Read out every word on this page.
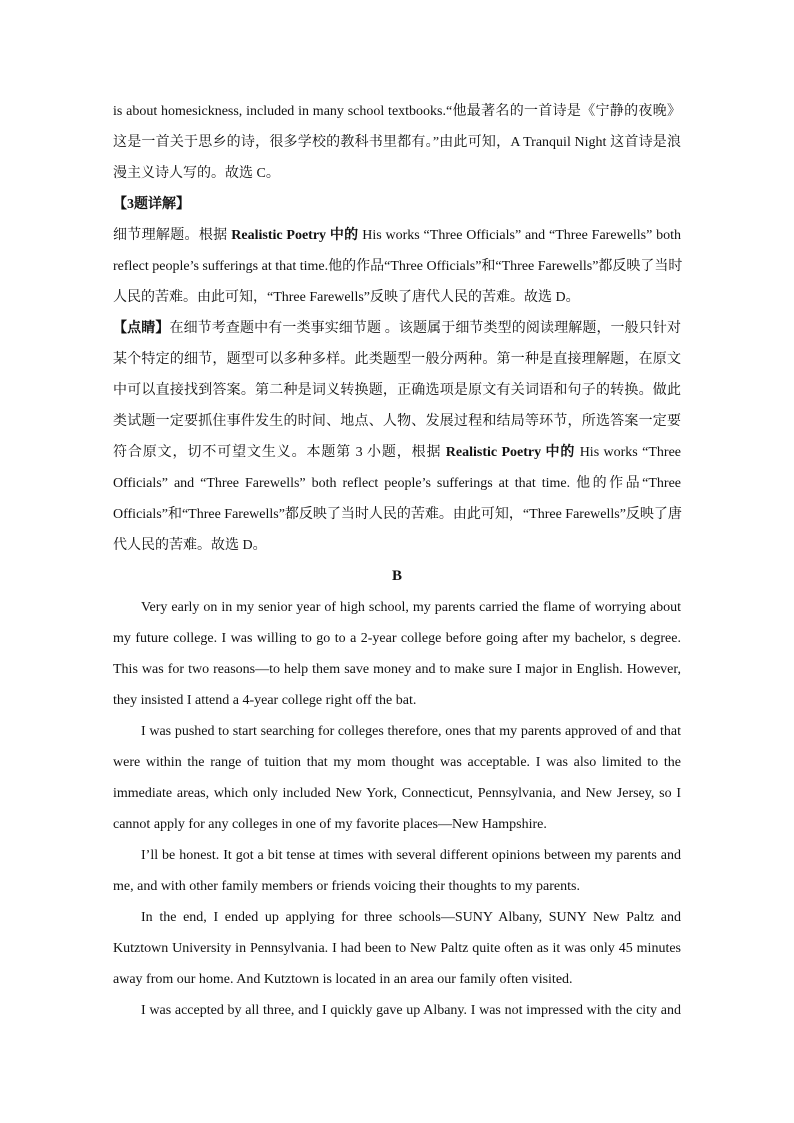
is about homesickness, included in many school textbooks.“他最著名的一首诗是《宁静的夜晚》
这是一首关于思乡的诗，很多学校的教科书里都有。”由此可知，A Tranquil Night 这首诗是浪
漫主义诗人写的。故选 C。
【3题详解】
细节理解题。根据 Realistic Poetry 中的 His works “Three Officials” and “Three Farewells” both
reflect people’s sufferings at that time.他的作品“Three Officials”和“Three Farewells”都反映了当时
人民的苦难。由此可知，“Three Farewells”反映了唐代人民的苦难。故选 D。
【点睛】在细节考查题中有一类事实细节题 。该题属于细节类型的阅读理解题，一般只针对
某个特定的细节，题型可以多种多样。此类题型一般分两种。第一种是直接理解题，在原文
中可以直接找到答案。第二种是词义转换题，正确选项是原文有关词语和句子的转换。做此
类试题一定要抓住事件发生的时间、地点、人物、发展过程和结局等环节，所选答案一定要
符合原文，切不可望文生义。本题第 3 小题，根据 Realistic Poetry 中的 His works “Three
Officials” and “Three Farewells” both reflect people’s sufferings at that time. 他的作品“Three
Officials”和“Three Farewells”都反映了当时人民的苦难。由此可知，“Three Farewells”反映了唐
代人民的苦难。故选 D。
B
Very early on in my senior year of high school, my parents carried the flame of worrying about
my future college. I was willing to go to a 2-year college before going after my bachelor, s degree.
This was for two reasons—to help them save money and to make sure I major in English. However,
they insisted I attend a 4-year college right off the bat.
I was pushed to start searching for colleges therefore, ones that my parents approved of and that
were within the range of tuition that my mom thought was acceptable. I was also limited to the
immediate areas, which only included New York, Connecticut, Pennsylvania, and New Jersey, so I
cannot apply for any colleges in one of my favorite places—New Hampshire.
I’ll be honest. It got a bit tense at times with several different opinions between my parents and
me, and with other family members or friends voicing their thoughts to my parents.
In the end, I ended up applying for three schools—SUNY Albany, SUNY New Paltz and
Kutztown University in Pennsylvania. I had been to New Paltz quite often as it was only 45 minutes
away from our home. And Kutztown is located in an area our family often visited.
I was accepted by all three, and I quickly gave up Albany. I was not impressed with the city and
